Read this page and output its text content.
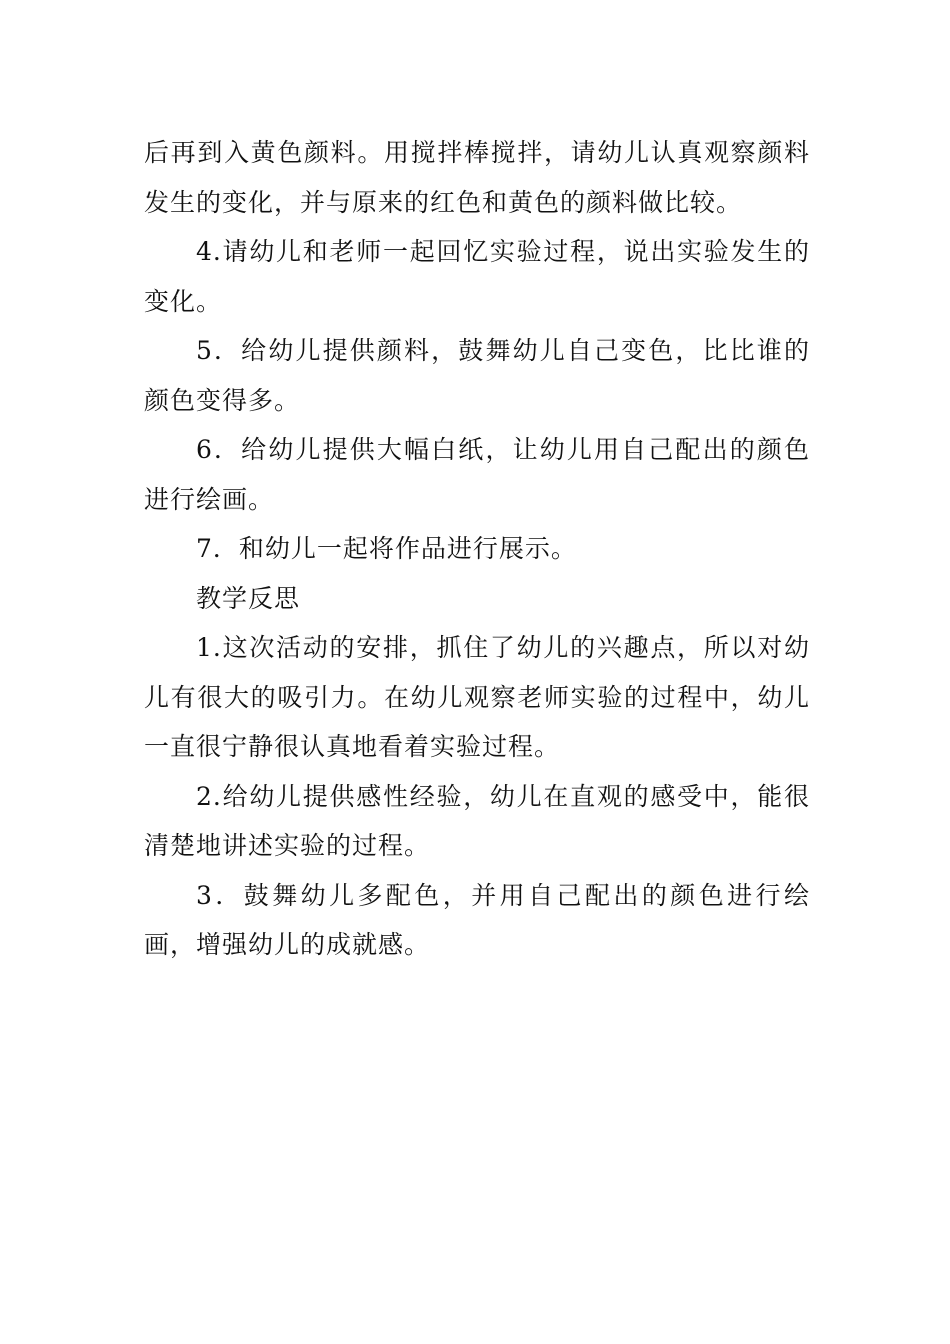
后再到入黄色颜料。用搅拌棒搅拌，请幼儿认真观察颜料发生的变化，并与原来的红色和黄色的颜料做比较。

4.请幼儿和老师一起回忆实验过程，说出实验发生的变化。

5．给幼儿提供颜料，鼓舞幼儿自己变色，比比谁的颜色变得多。

6．给幼儿提供大幅白纸，让幼儿用自己配出的颜色进行绘画。

7．和幼儿一起将作品进行展示。

教学反思

1.这次活动的安排，抓住了幼儿的兴趣点，所以对幼儿有很大的吸引力。在幼儿观察老师实验的过程中，幼儿一直很宁静很认真地看着实验过程。

2.给幼儿提供感性经验，幼儿在直观的感受中，能很清楚地讲述实验的过程。

3．鼓舞幼儿多配色，并用自己配出的颜色进行绘画，增强幼儿的成就感。
